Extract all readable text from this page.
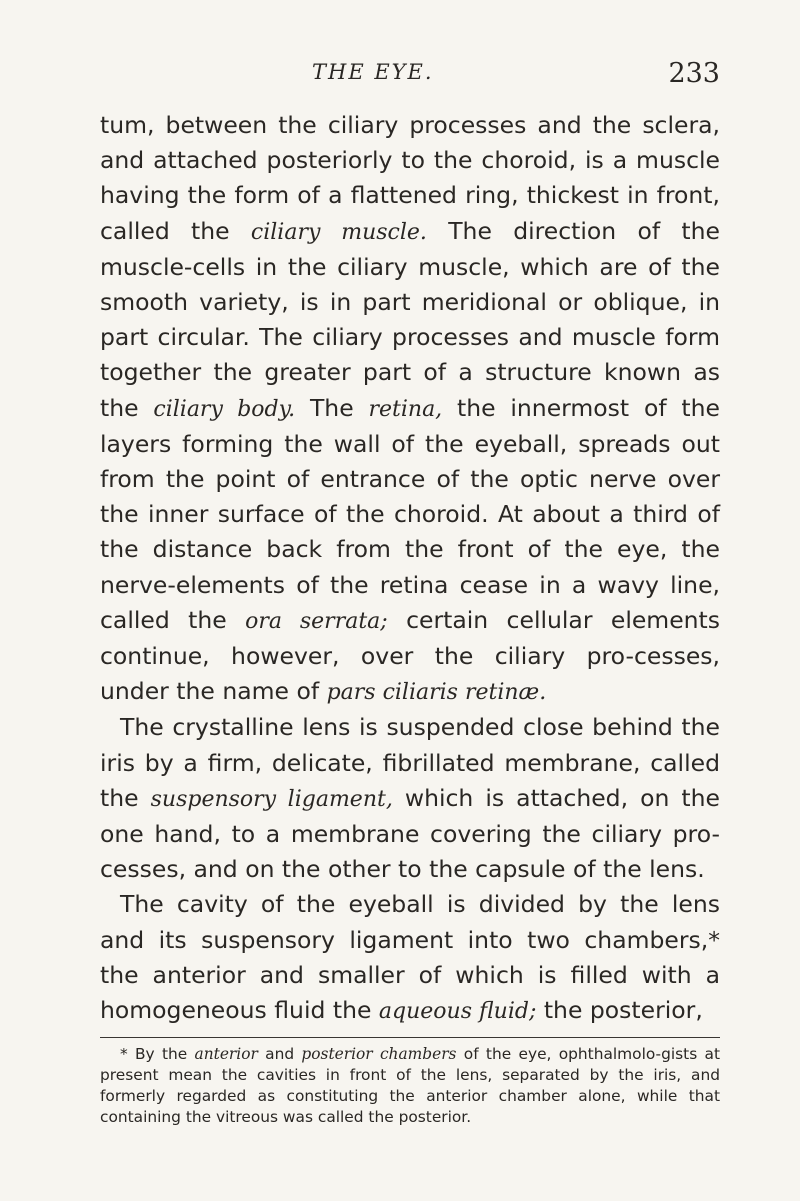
THE EYE.	233

tum, between the ciliary processes and the sclera, and attached posteriorly to the choroid, is a muscle having the form of a flattened ring, thickest in front, called the ciliary muscle. The direction of the muscle-cells in the ciliary muscle, which are of the smooth variety, is in part meridional or oblique, in part circular. The ciliary processes and muscle form together the greater part of a structure known as the ciliary body. The retina, the innermost of the layers forming the wall of the eyeball, spreads out from the point of entrance of the optic nerve over the inner surface of the choroid. At about a third of the distance back from the front of the eye, the nerve-elements of the retina cease in a wavy line, called the ora serrata; certain cellular elements continue, however, over the ciliary pro-cesses, under the name of pars ciliaris retinæ.

The crystalline lens is suspended close behind the iris by a firm, delicate, fibrillated membrane, called the suspensory ligament, which is attached, on the one hand, to a membrane covering the ciliary pro-cesses, and on the other to the capsule of the lens.

The cavity of the eyeball is divided by the lens and its suspensory ligament into two chambers,* the anterior and smaller of which is filled with a homogeneous fluid the aqueous fluid; the posterior,

* By the anterior and posterior chambers of the eye, ophthalmolo-gists at present mean the cavities in front of the lens, separated by the iris, and formerly regarded as constituting the anterior chamber alone, while that containing the vitreous was called the posterior.
